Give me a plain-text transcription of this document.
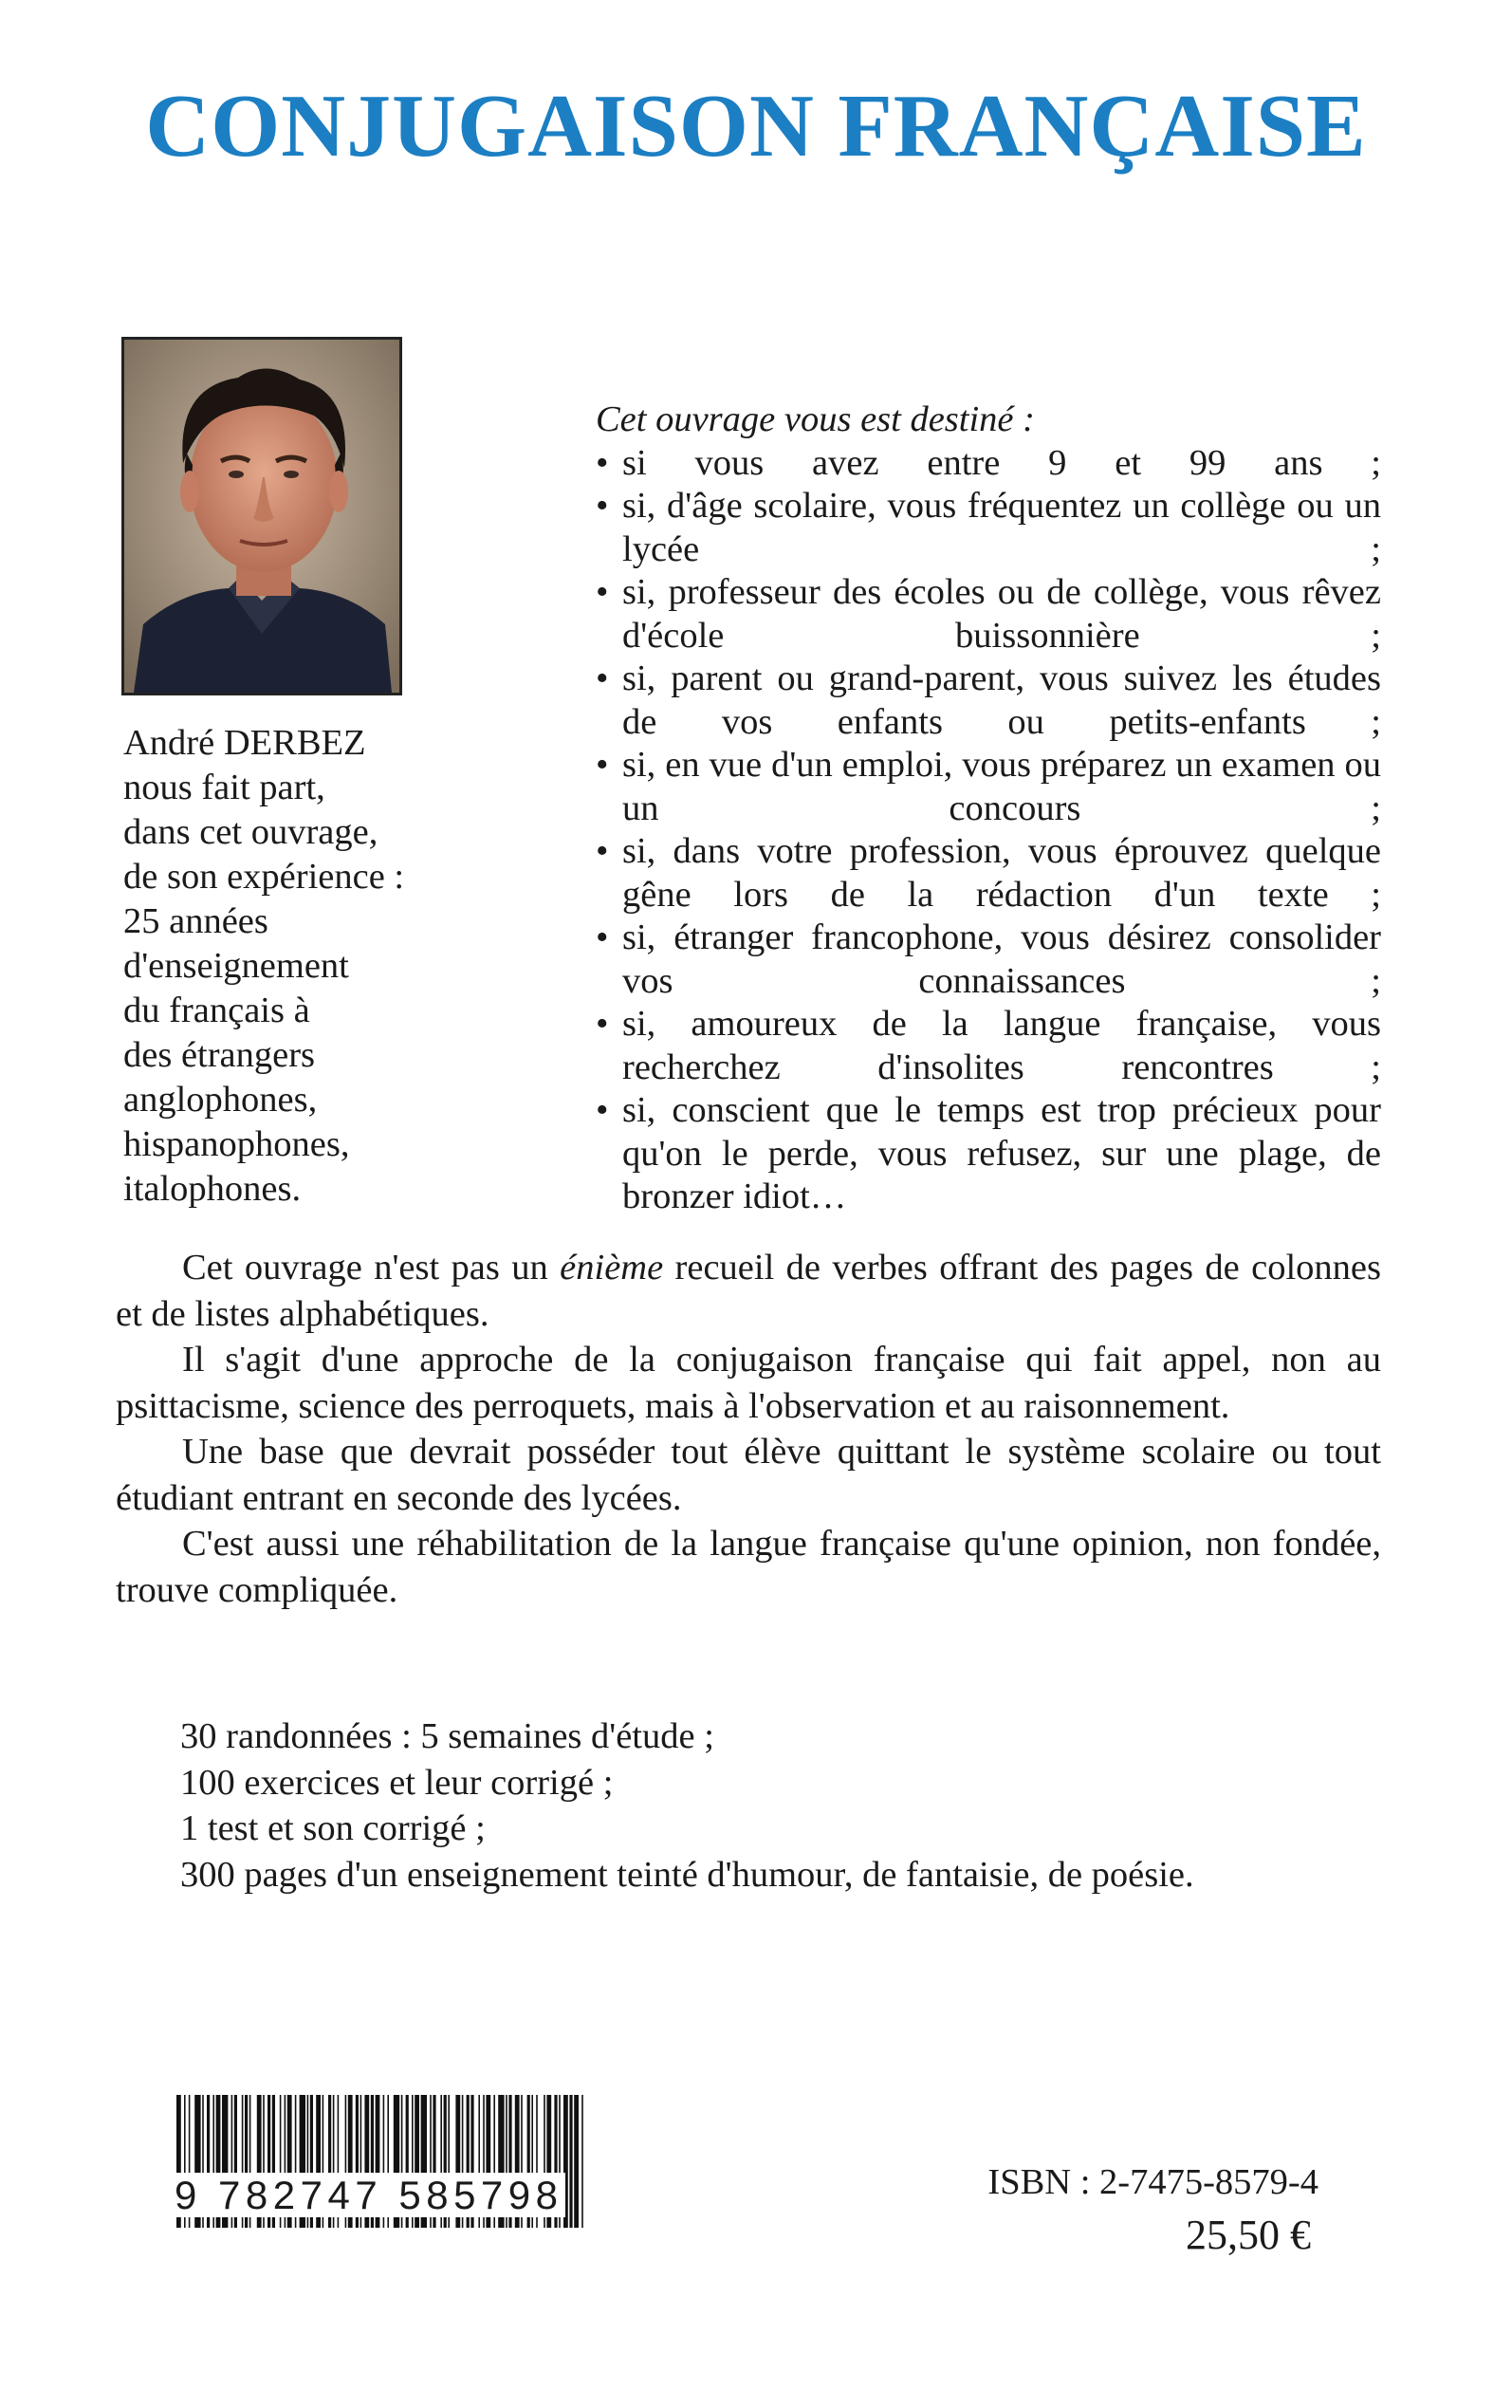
CONJUGAISON FRANÇAISE
André DERBEZ
nous fait part,
dans cet ouvrage,
de son expérience :
25 années
d'enseignement
du français à
des étrangers
anglophones,
hispanophones,
italophones.
Cet ouvrage vous est destiné :
• si vous avez entre 9 et 99 ans ;
• si, d'âge scolaire, vous fréquentez un collège ou un lycée ;
• si, professeur des écoles ou de collège, vous rêvez d'école buissonnière ;
• si, parent ou grand-parent, vous suivez les études de vos enfants ou petits-enfants ;
• si, en vue d'un emploi, vous préparez un examen ou un concours ;
• si, dans votre profession, vous éprouvez quelque gêne lors de la rédaction d'un texte ;
• si, étranger francophone, vous désirez consolider vos connaissances ;
• si, amoureux de la langue française, vous recherchez d'insolites rencontres ;
• si, conscient que le temps est trop précieux pour qu'on le perde, vous refusez, sur une plage, de bronzer idiot…

Cet ouvrage n'est pas un énième recueil de verbes offrant des pages de colonnes et de listes alphabétiques.

Il s'agit d'une approche de la conjugaison française qui fait appel, non au psittacisme, science des perroquets, mais à l'observation et au raisonnement.

Une base que devrait posséder tout élève quittant le système scolaire ou tout étudiant entrant en seconde des lycées.

C'est aussi une réhabilitation de la langue française qu'une opinion, non fondée, trouve compliquée.

30 randonnées : 5 semaines d'étude ;
100 exercices et leur corrigé ;
1 test et son corrigé ;
300 pages d'un enseignement teinté d'humour, de fantaisie, de poésie.
9 782747 585798	ISBN : 2-7475-8579-4
25,50 €
